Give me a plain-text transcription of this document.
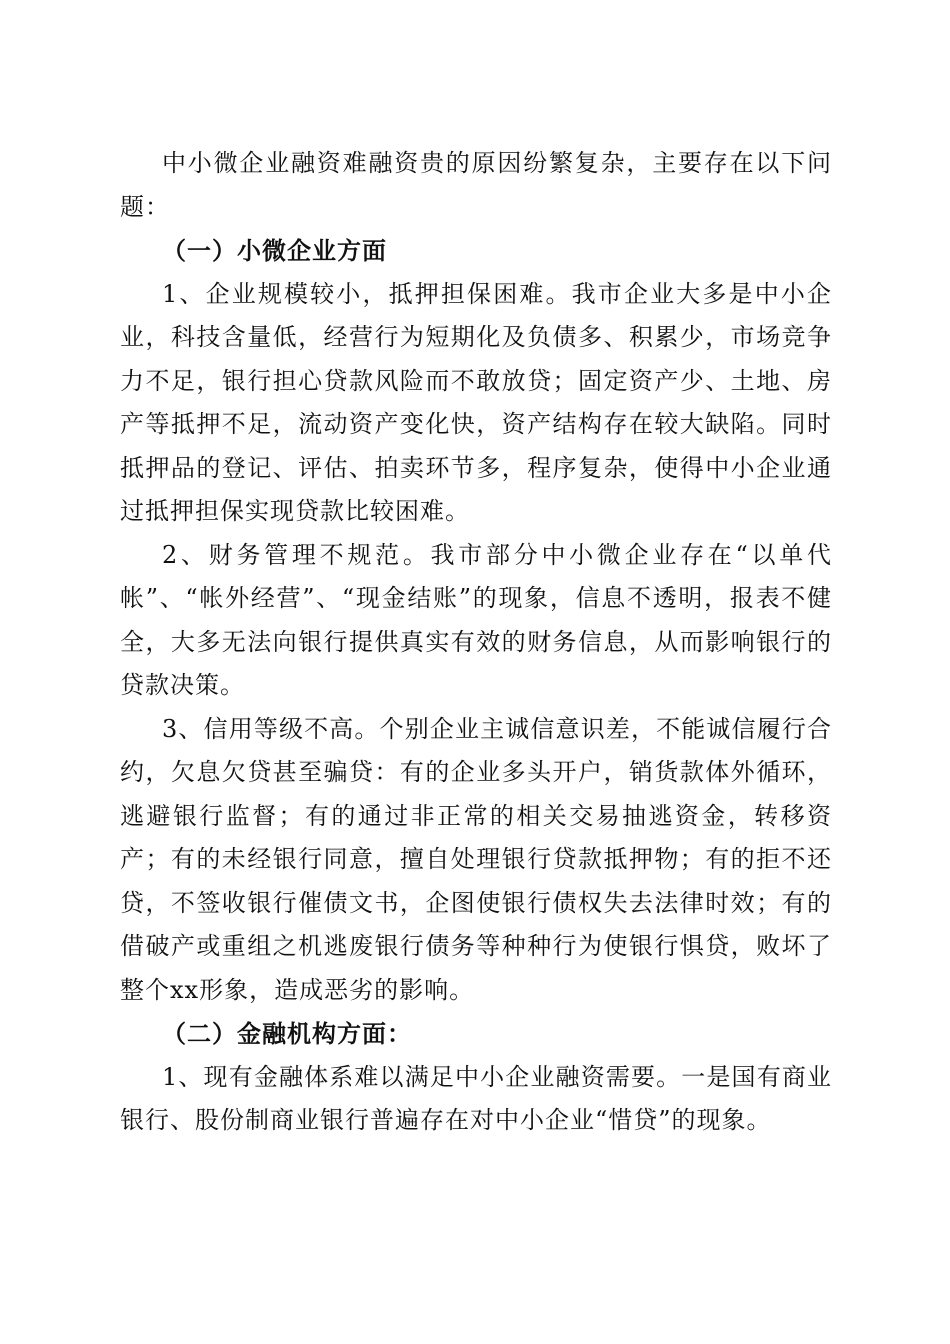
中小微企业融资难融资贵的原因纷繁复杂，主要存在以下问题：

（一）小微企业方面

1、企业规模较小，抵押担保困难。我市企业大多是中小企业，科技含量低，经营行为短期化及负债多、积累少，市场竞争力不足，银行担心贷款风险而不敢放贷；固定资产少、土地、房产等抵押不足，流动资产变化快，资产结构存在较大缺陷。同时抵押品的登记、评估、拍卖环节多，程序复杂，使得中小企业通过抵押担保实现贷款比较困难。

2、财务管理不规范。我市部分中小微企业存在“以单代帐”、“帐外经营”、“现金结账”的现象，信息不透明，报表不健全，大多无法向银行提供真实有效的财务信息，从而影响银行的贷款决策。

3、信用等级不高。个别企业主诚信意识差，不能诚信履行合约，欠息欠贷甚至骗贷：有的企业多头开户，销货款体外循环，逃避银行监督；有的通过非正常的相关交易抽逃资金，转移资产；有的未经银行同意，擅自处理银行贷款抵押物；有的拒不还贷，不签收银行催债文书，企图使银行债权失去法律时效；有的借破产或重组之机逃废银行债务等种种行为使银行惧贷，败坏了整个xx形象，造成恶劣的影响。

（二）金融机构方面：

1、现有金融体系难以满足中小企业融资需要。一是国有商业银行、股份制商业银行普遍存在对中小企业“惜贷”的现象。
